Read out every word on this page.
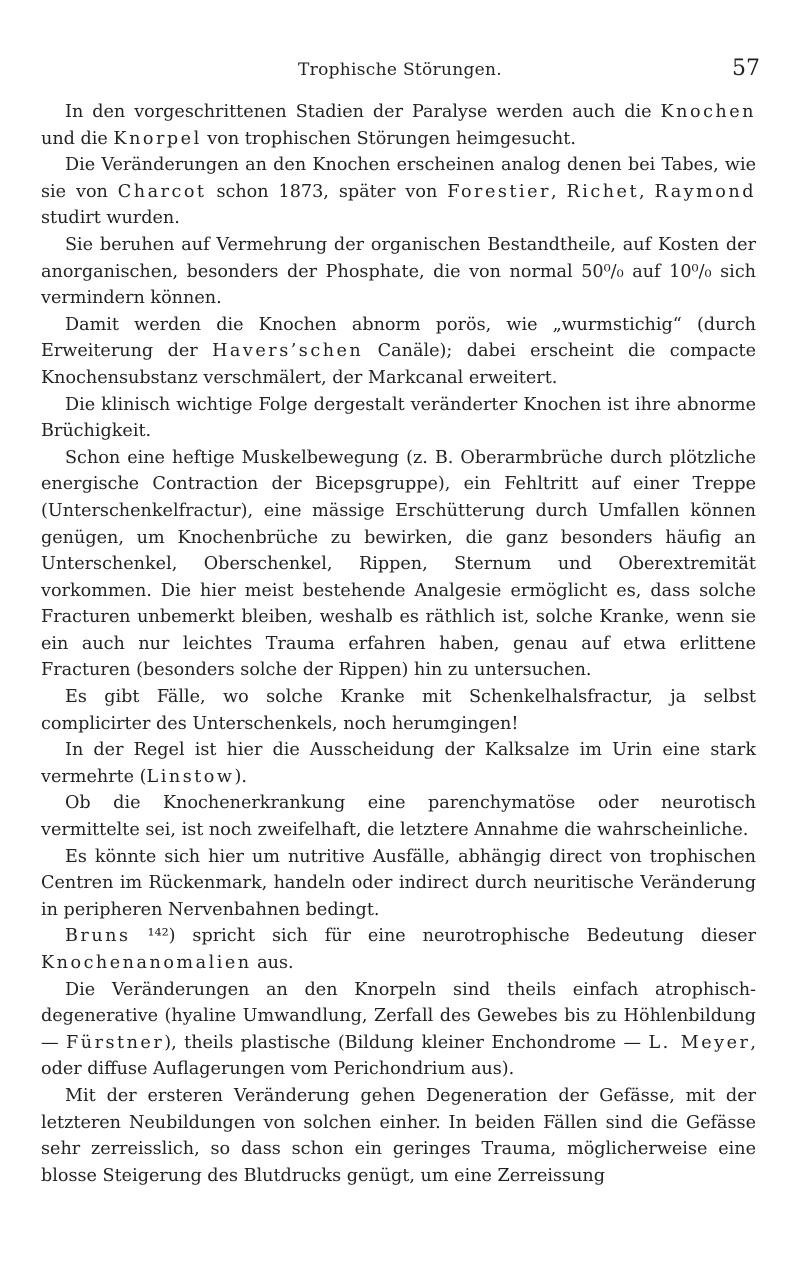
Trophische Störungen.	57

In den vorgeschrittenen Stadien der Paralyse werden auch die Knochen und die Knorpel von trophischen Störungen heimgesucht.

Die Veränderungen an den Knochen erscheinen analog denen bei Tabes, wie sie von Charcot schon 1873, später von Forestier, Richet, Raymond studirt wurden.

Sie beruhen auf Vermehrung der organischen Bestandtheile, auf Kosten der anorganischen, besonders der Phosphate, die von normal 50⁰/₀ auf 10⁰/₀ sich vermindern können.

Damit werden die Knochen abnorm porös, wie „wurmstichig“ (durch Erweiterung der Havers’schen Canäle); dabei erscheint die compacte Knochensubstanz verschmälert, der Markcanal erweitert.

Die klinisch wichtige Folge dergestalt veränderter Knochen ist ihre abnorme Brüchigkeit.

Schon eine heftige Muskelbewegung (z. B. Oberarmbrüche durch plötzliche energische Contraction der Bicepsgruppe), ein Fehltritt auf einer Treppe (Unterschenkelfractur), eine mässige Erschütterung durch Umfallen können genügen, um Knochenbrüche zu bewirken, die ganz besonders häufig an Unterschenkel, Oberschenkel, Rippen, Sternum und Oberextremität vorkommen. Die hier meist bestehende Analgesie ermöglicht es, dass solche Fracturen unbemerkt bleiben, weshalb es räthlich ist, solche Kranke, wenn sie ein auch nur leichtes Trauma erfahren haben, genau auf etwa erlittene Fracturen (besonders solche der Rippen) hin zu untersuchen.

Es gibt Fälle, wo solche Kranke mit Schenkelhalsfractur, ja selbst complicirter des Unterschenkels, noch herumgingen!

In der Regel ist hier die Ausscheidung der Kalksalze im Urin eine stark vermehrte (Linstow).

Ob die Knochenerkrankung eine parenchymatöse oder neurotisch vermittelte sei, ist noch zweifelhaft, die letztere Annahme die wahrscheinliche.

Es könnte sich hier um nutritive Ausfälle, abhängig direct von trophischen Centren im Rückenmark, handeln oder indirect durch neuritische Veränderung in peripheren Nervenbahnen bedingt.

Bruns ¹⁴²) spricht sich für eine neurotrophische Bedeutung dieser Knochenanomalien aus.

Die Veränderungen an den Knorpeln sind theils einfach atrophisch-degenerative (hyaline Umwandlung, Zerfall des Gewebes bis zu Höhlenbildung — Fürstner), theils plastische (Bildung kleiner Enchondrome — L. Meyer, oder diffuse Auflagerungen vom Perichondrium aus).

Mit der ersteren Veränderung gehen Degeneration der Gefässe, mit der letzteren Neubildungen von solchen einher. In beiden Fällen sind die Gefässe sehr zerreisslich, so dass schon ein geringes Trauma, möglicherweise eine blosse Steigerung des Blutdrucks genügt, um eine Zerreissung
